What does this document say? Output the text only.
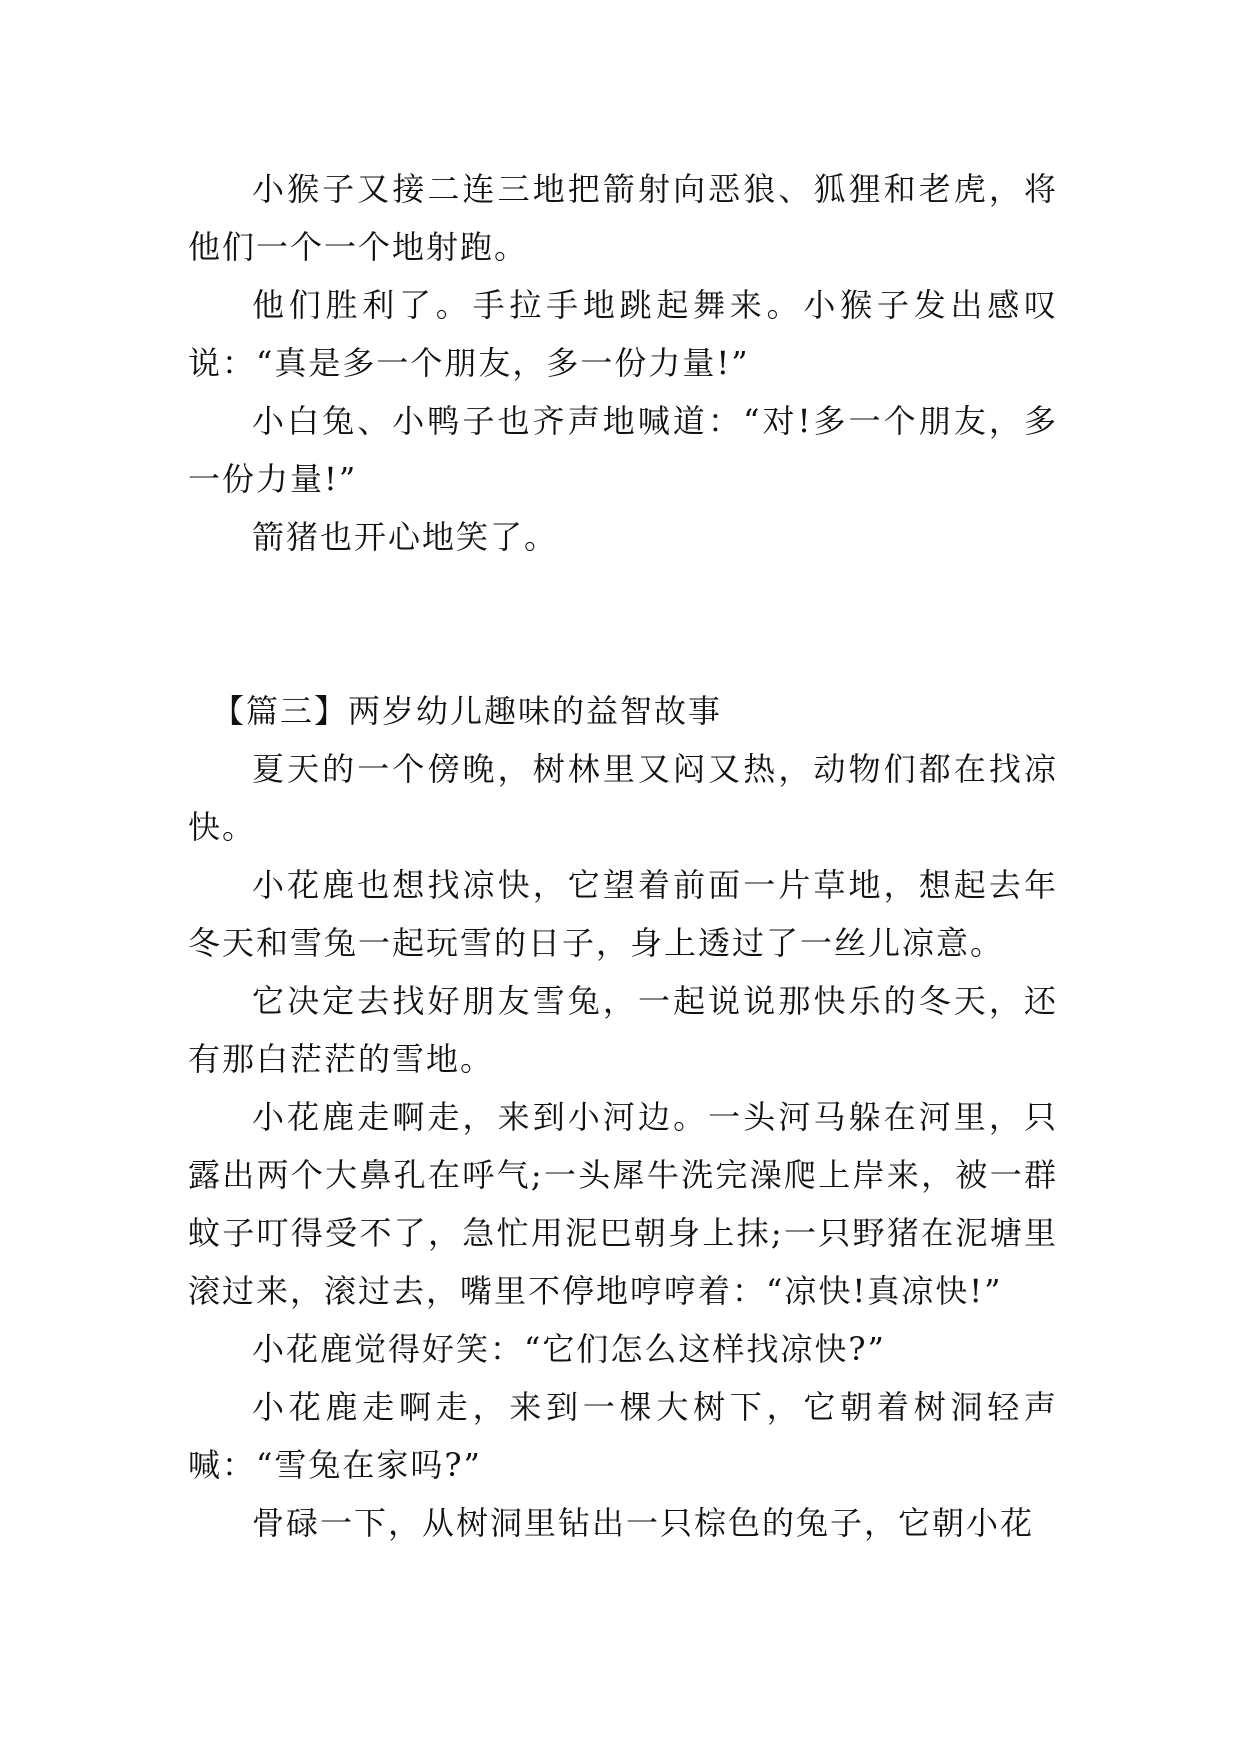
小猴子又接二连三地把箭射向恶狼、狐狸和老虎，将他们一个一个地射跑。

他们胜利了。手拉手地跳起舞来。小猴子发出感叹说：“真是多一个朋友，多一份力量!”

小白兔、小鸭子也齐声地喊道：“对!多一个朋友，多一份力量!”

箭猪也开心地笑了。

【篇三】两岁幼儿趣味的益智故事

夏天的一个傍晚，树林里又闷又热，动物们都在找凉快。

小花鹿也想找凉快，它望着前面一片草地，想起去年冬天和雪兔一起玩雪的日子，身上透过了一丝儿凉意。

它决定去找好朋友雪兔，一起说说那快乐的冬天，还有那白茫茫的雪地。

小花鹿走啊走，来到小河边。一头河马躲在河里，只露出两个大鼻孔在呼气;一头犀牛洗完澡爬上岸来，被一群蚊子叮得受不了，急忙用泥巴朝身上抹;一只野猪在泥塘里滚过来，滚过去，嘴里不停地哼哼着：“凉快!真凉快!”

小花鹿觉得好笑：“它们怎么这样找凉快?”

小花鹿走啊走，来到一棵大树下，它朝着树洞轻声喊：“雪兔在家吗?”

骨碌一下，从树洞里钻出一只棕色的兔子，它朝小花
